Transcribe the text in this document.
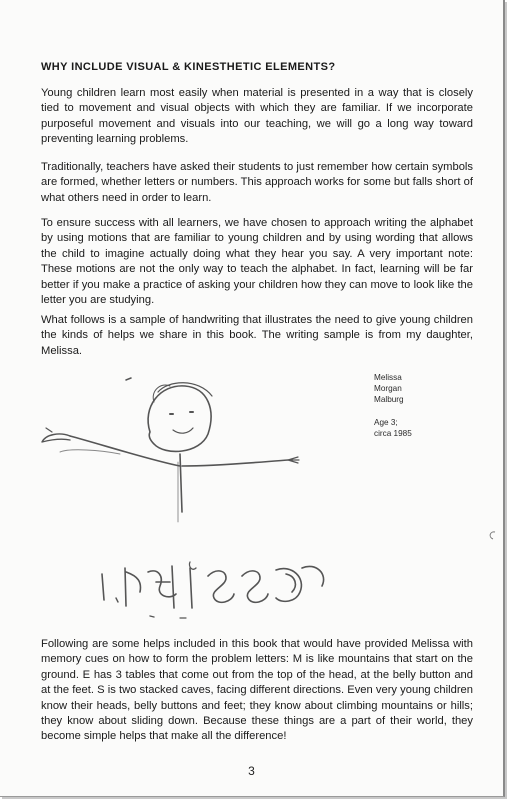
WHY INCLUDE VISUAL & KINESTHETIC ELEMENTS?

Young children learn most easily when material is presented in a way that is closely tied to movement and visual objects with which they are familiar. If we incorporate purposeful movement and visuals into our teaching, we will go a long way toward preventing learning problems.

Traditionally, teachers have asked their students to just remember how certain symbols are formed, whether letters or numbers. This approach works for some but falls short of what others need in order to learn.

To ensure success with all learners, we have chosen to approach writing the alphabet by using motions that are familiar to young children and by using wording that allows the child to imagine actually doing what they hear you say. A very important note: These motions are not the only way to teach the alphabet. In fact, learning will be far better if you make a practice of asking your children how they can move to look like the letter you are studying.

What follows is a sample of handwriting that illustrates the need to give young children the kinds of helps we share in this book. The writing sample is from my daughter, Melissa.

Melissa
Morgan
Malburg
Age 3;
circa 1985

Following are some helps included in this book that would have provided Melissa with memory cues on how to form the problem letters: M is like mountains that start on the ground. E has 3 tables that come out from the top of the head, at the belly button and at the feet. S is two stacked caves, facing different directions. Even very young children know their heads, belly buttons and feet; they know about climbing mountains or hills; they know about sliding down. Because these things are a part of their world, they become simple helps that make all the difference!

3
